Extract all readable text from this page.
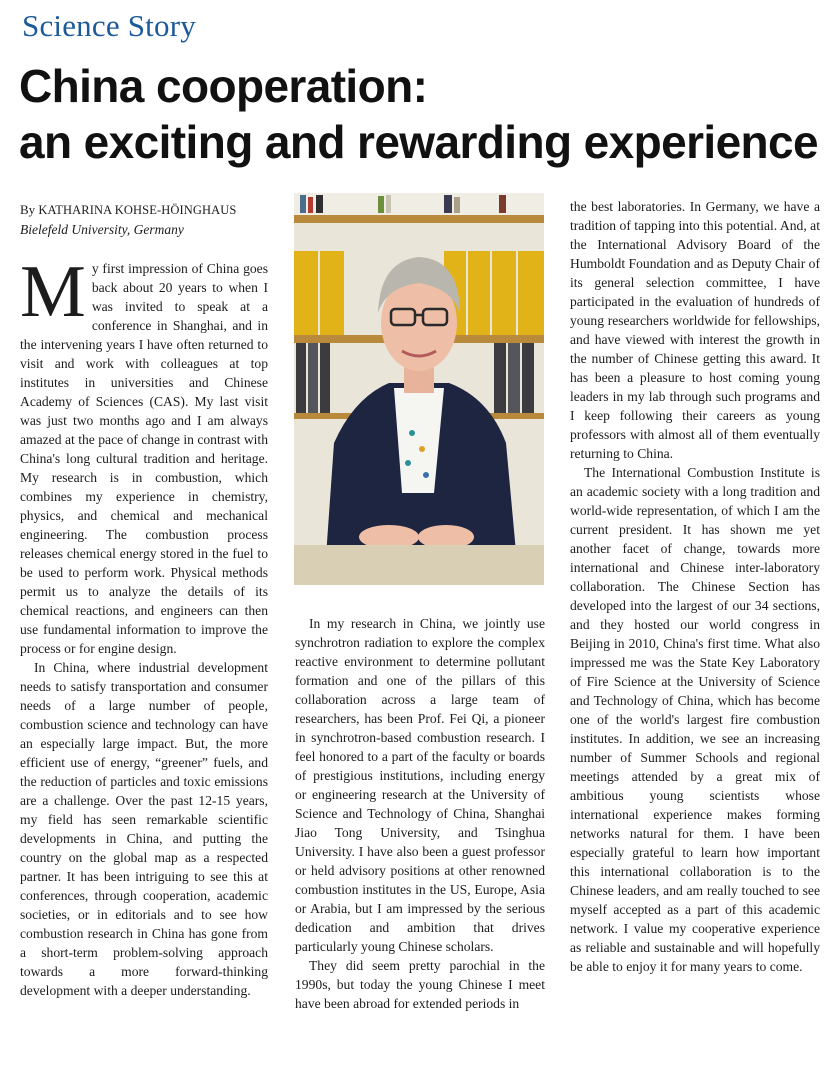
Science Story
China cooperation:
an exciting and rewarding experience
By KATHARINA KOHSE-HÖINGHAUS
Bielefeld University, Germany

My first impression of China goes back about 20 years to when I was invited to speak at a conference in Shanghai, and in the intervening years I have often returned to visit and work with colleagues at top institutes in universities and Chinese Academy of Sciences (CAS). My last visit was just two months ago and I am always amazed at the pace of change in contrast with China's long cultural tradition and heritage. My research is in combustion, which combines my experience in chemistry, physics, and chemical and mechanical engineering. The combustion process releases chemical energy stored in the fuel to be used to perform work. Physical methods permit us to analyze the details of its chemical reactions, and engineers can then use fundamental information to improve the process or for engine design.

In China, where industrial development needs to satisfy transportation and consumer needs of a large number of people, combustion science and technology can have an especially large impact. But, the more efficient use of energy, “greener” fuels, and the reduction of particles and toxic emissions are a challenge. Over the past 12-15 years, my field has seen remarkable scientific developments in China, and putting the country on the global map as a respected partner. It has been intriguing to see this at conferences, through cooperation, academic societies, or in editorials and to see how combustion research in China has gone from a short-term problem-solving approach towards a more forward-thinking development with a deeper understanding.

In my research in China, we jointly use synchrotron radiation to explore the complex reactive environment to determine pollutant formation and one of the pillars of this collaboration across a large team of researchers, has been Prof. Fei Qi, a pioneer in synchrotron-based combustion research. I feel honored to a part of the faculty or boards of prestigious institutions, including energy or engineering research at the University of Science and Technology of China, Shanghai Jiao Tong University, and Tsinghua University. I have also been a guest professor or held advisory positions at other renowned combustion institutes in the US, Europe, Asia or Arabia, but I am impressed by the serious dedication and ambition that drives particularly young Chinese scholars.

They did seem pretty parochial in the 1990s, but today the young Chinese I meet have been abroad for extended periods in

the best laboratories. In Germany, we have a tradition of tapping into this potential. And, at the International Advisory Board of the Humboldt Foundation and as Deputy Chair of its general selection committee, I have participated in the evaluation of hundreds of young researchers worldwide for fellowships, and have viewed with interest the growth in the number of Chinese getting this award. It has been a pleasure to host coming young leaders in my lab through such programs and I keep following their careers as young professors with almost all of them eventually returning to China.

The International Combustion Institute is an academic society with a long tradition and world-wide representation, of which I am the current president. It has shown me yet another facet of change, towards more international and Chinese inter-laboratory collaboration. The Chinese Section has developed into the largest of our 34 sections, and they hosted our world congress in Beijing in 2010, China's first time. What also impressed me was the State Key Laboratory of Fire Science at the University of Science and Technology of China, which has become one of the world's largest fire combustion institutes. In addition, we see an increasing number of Summer Schools and regional meetings attended by a great mix of ambitious young scientists whose international experience makes forming networks natural for them. I have been especially grateful to learn how important this international collaboration is to the Chinese leaders, and am really touched to see myself accepted as a part of this academic network. I value my cooperative experience as reliable and sustainable and will hopefully be able to enjoy it for many years to come.
